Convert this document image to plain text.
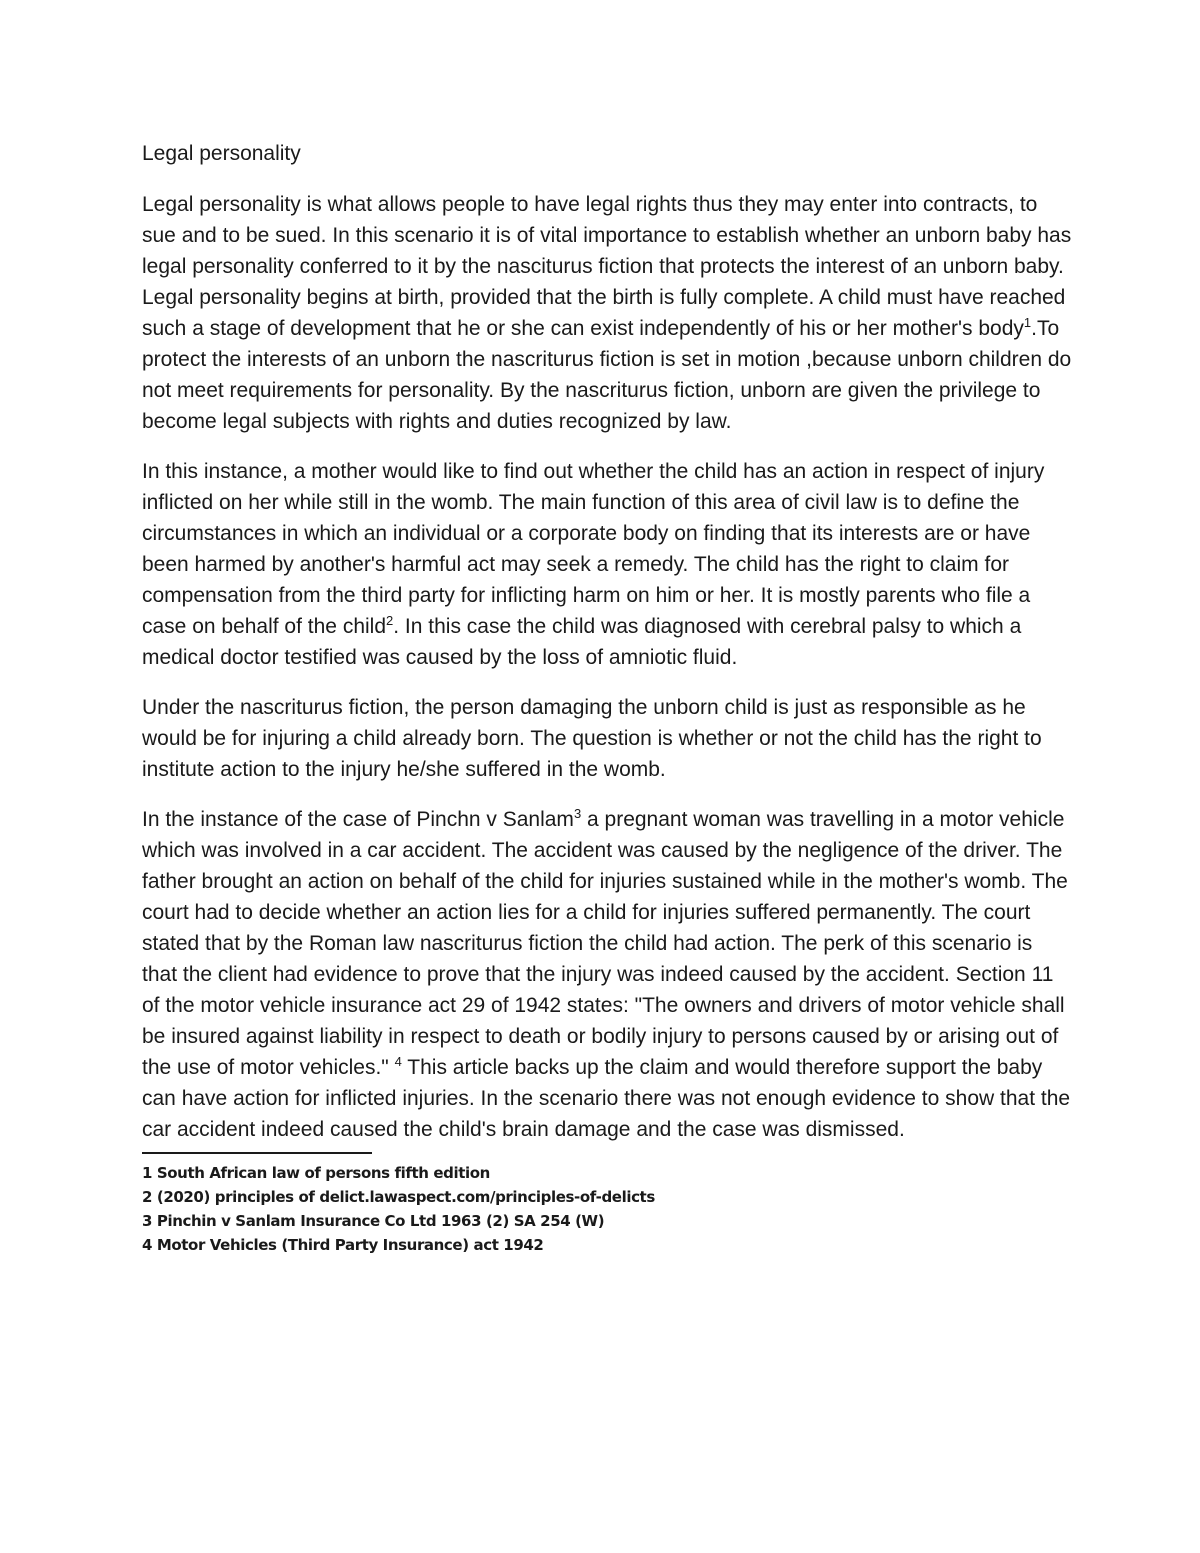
Legal personality

Legal personality is what allows people to have legal rights thus they may enter into contracts, to sue and to be sued. In this scenario it is of vital importance to establish whether an unborn baby has legal personality conferred to it by the nasciturus fiction that protects the interest of an unborn baby. Legal personality begins at birth, provided that the birth is fully complete. A child must have reached such a stage of development that he or she can exist independently of his or her mother's body$^1$.To protect the interests of an unborn the nascriturus fiction is set in motion ,because unborn children do not meet requirements for personality. By the nascriturus fiction, unborn are given the privilege to become legal subjects with rights and duties recognized by law.

In this instance, a mother would like to find out whether the child has an action in respect of injury inflicted on her while still in the womb. The main function of this area of civil law is to define the circumstances in which an individual or a corporate body on finding that its interests are or have been harmed by another's harmful act may seek a remedy. The child has the right to claim for compensation from the third party for inflicting harm on him or her. It is mostly parents who file a case on behalf of the child$^2$. In this case the child was diagnosed with cerebral palsy to which a medical doctor testified was caused by the loss of amniotic fluid.

Under the nascriturus fiction, the person damaging the unborn child is just as responsible as he would be for injuring a child already born. The question is whether or not the child has the right to institute action to the injury he/she suffered in the womb.

In the instance of the case of Pinchn v Sanlam$^3$ a pregnant woman was travelling in a motor vehicle which was involved in a car accident. The accident was caused by the negligence of the driver. The father brought an action on behalf of the child for injuries sustained while in the mother's womb. The court had to decide whether an action lies for a child for injuries suffered permanently. The court stated that by the Roman law nascriturus fiction the child had action. The perk of this scenario is that the client had evidence to prove that the injury was indeed caused by the accident. Section 11 of the motor vehicle insurance act 29 of 1942 states: "The owners and drivers of motor vehicle shall be insured against liability in respect to death or bodily injury to persons caused by or arising out of the use of motor vehicles." $^4$ This article backs up the claim and would therefore support the baby can have action for inflicted injuries. In the scenario there was not enough evidence to show that the car accident indeed caused the child's brain damage and the case was dismissed.

1 South African law of persons fifth edition
2 (2020) principles of delict.lawaspect.com/principles-of-delicts
3 Pinchin v Sanlam Insurance Co Ltd 1963 (2) SA 254 (W)
4 Motor Vehicles (Third Party Insurance) act 1942
